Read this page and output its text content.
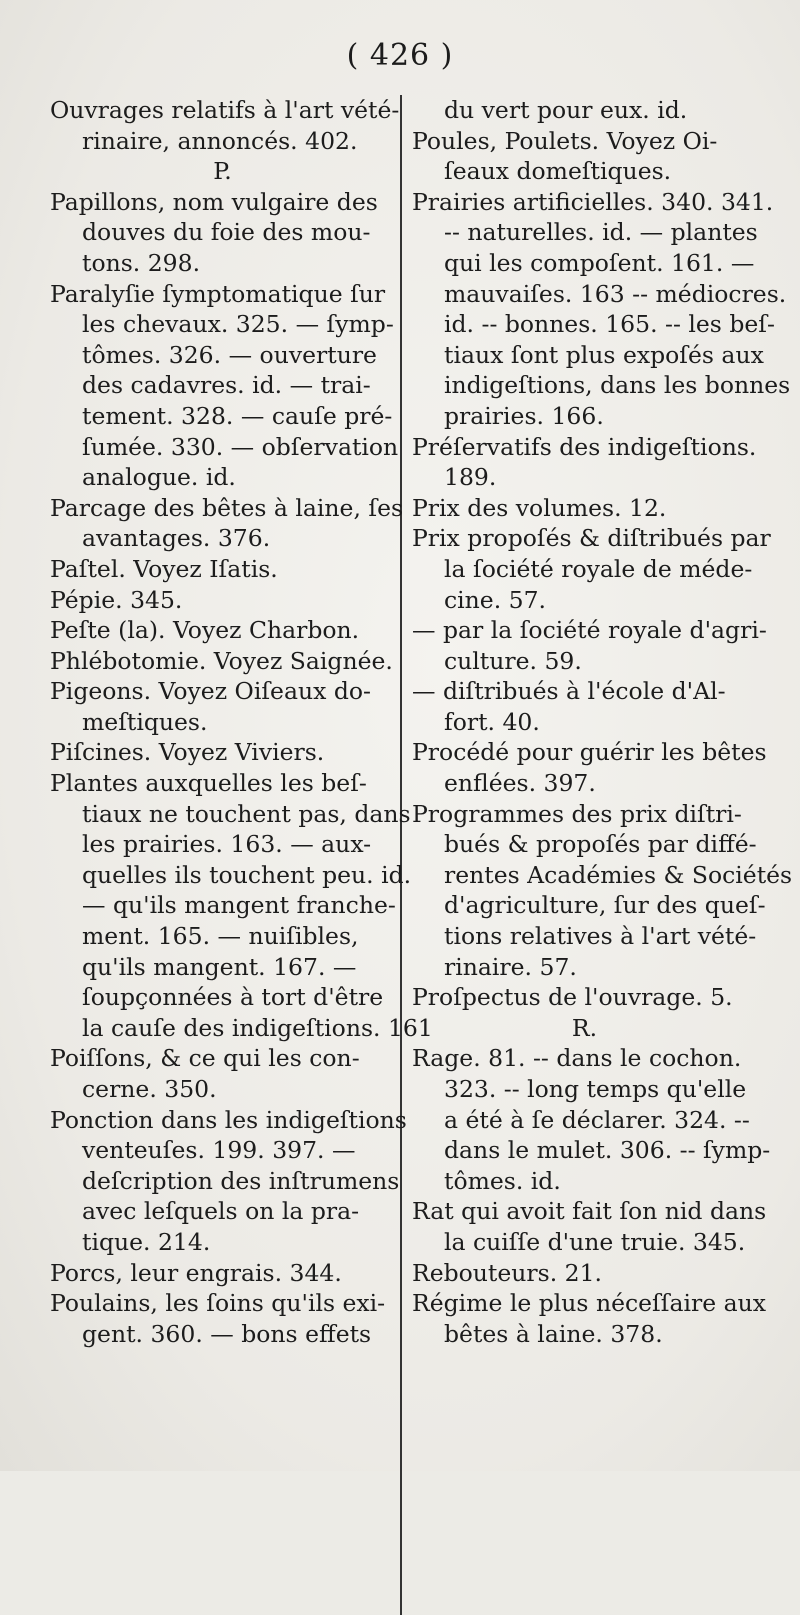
( 426 )
Ouvrages relatifs à l'art vété-
rinaire, annoncés. 402.
P.
Papillons, nom vulgaire des
douves du foie des mou-
tons. 298.
Paralyſie ſymptomatique ſur
les chevaux. 325. — ſymp-
tômes. 326. — ouverture
des cadavres. id. — trai-
tement. 328. — cauſe pré-
ſumée. 330. — obſervation
analogue. id.
Parcage des bêtes à laine, ſes
avantages. 376.
Paſtel. Voyez Iſatis.
Pépie. 345.
Peſte (la). Voyez Charbon.
Phlébotomie. Voyez Saignée.
Pigeons. Voyez Oiſeaux do-
meſtiques.
Piſcines. Voyez Viviers.
Plantes auxquelles les beſ-
tiaux ne touchent pas, dans
les prairies. 163. — aux-
quelles ils touchent peu. id.
— qu'ils mangent franche-
ment. 165. — nuiſibles,
qu'ils mangent. 167. —
ſoupçonnées à tort d'être
la cauſe des indigeſtions. 161
Poiſſons, & ce qui les con-
cerne. 350.
Ponction dans les indigeſtions
venteuſes. 199. 397. —
deſcription des inſtrumens
avec leſquels on la pra-
tique. 214.
Porcs, leur engrais. 344.
Poulains, les ſoins qu'ils exi-
gent. 360. — bons effets
du vert pour eux. id.
Poules, Poulets. Voyez Oi-
ſeaux domeſtiques.
Prairies artificielles. 340. 341.
-- naturelles. id. — plantes
qui les compoſent. 161. —
mauvaiſes. 163 -- médiocres.
id. -- bonnes. 165. -- les beſ-
tiaux ſont plus expoſés aux
indigeſtions, dans les bonnes
prairies. 166.
Préſervatifs des indigeſtions.
189.
Prix des volumes. 12.
Prix propoſés & diſtribués par
la ſociété royale de méde-
cine. 57.
— par la ſociété royale d'agri-
culture. 59.
— diſtribués à l'école d'Al-
fort. 40.
Procédé pour guérir les bêtes
enflées. 397.
Programmes des prix diſtri-
bués & propoſés par diffé-
rentes Académies & Sociétés
d'agriculture, ſur des queſ-
tions relatives à l'art vété-
rinaire. 57.
Proſpectus de l'ouvrage. 5.
R.
Rage. 81. -- dans le cochon.
323. -- long temps qu'elle
a été à ſe déclarer. 324. --
dans le mulet. 306. -- ſymp-
tômes. id.
Rat qui avoit fait ſon nid dans
la cuiſſe d'une truie. 345.
Rebouteurs. 21.
Régime le plus néceſſaire aux
bêtes à laine. 378.
